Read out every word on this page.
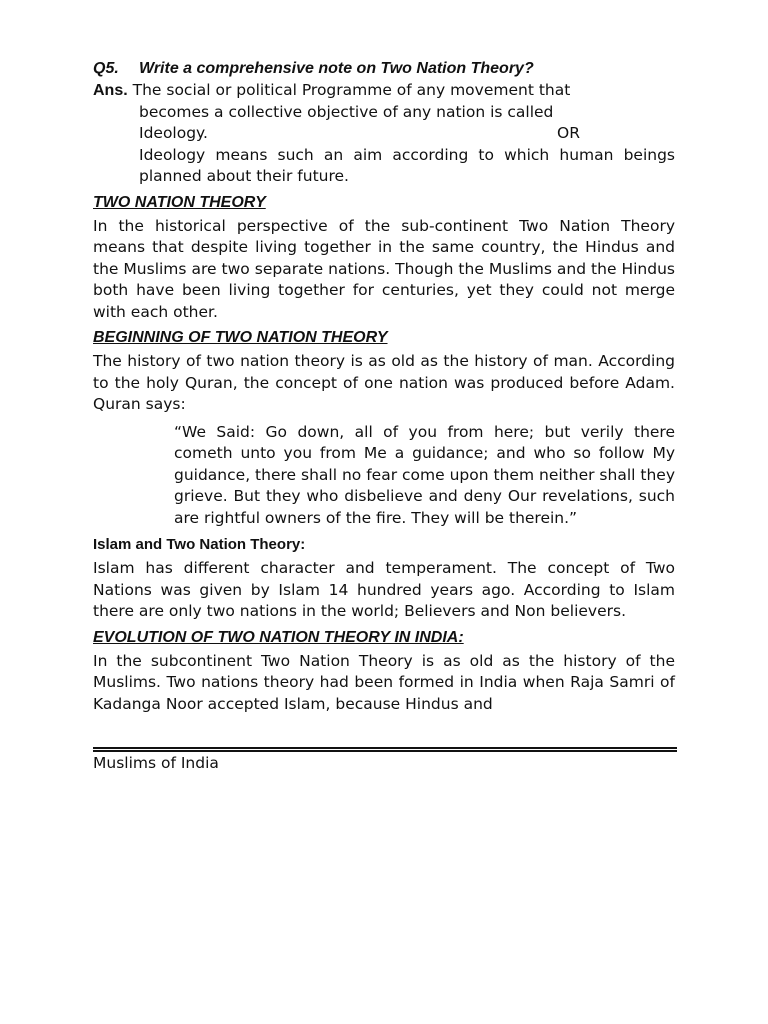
Q5. Write a comprehensive note on Two Nation Theory?

Ans. The social or political Programme of any movement that

becomes a collective objective of any nation is called

Ideology.	OR

Ideology means such an aim according to which human beings planned about their future.

TWO NATION THEORY

In the historical perspective of the sub-continent Two Nation Theory means that despite living together in the same country, the Hindus and the Muslims are two separate nations. Though the Muslims and the Hindus both have been living together for centuries, yet they could not merge with each other.

BEGINNING OF TWO NATION THEORY

The history of two nation theory is as old as the history of man. According to the holy Quran, the concept of one nation was produced before Adam. Quran says:

“We Said: Go down, all of you from here; but verily there cometh unto you from Me a guidance; and who so follow My guidance, there shall no fear come upon them neither shall they grieve. But they who disbelieve and deny Our revelations, such are rightful owners of the fire. They will be therein.”

Islam and Two Nation Theory:

Islam has different character and temperament. The concept of Two Nations was given by Islam 14 hundred years ago. According to Islam there are only two nations in the world; Believers and Non believers.

EVOLUTION OF TWO NATION THEORY IN INDIA:

In the subcontinent Two Nation Theory is as old as the history of the Muslims. Two nations theory had been formed in India when Raja Samri of Kadanga Noor accepted Islam, because Hindus and

Muslims of India
